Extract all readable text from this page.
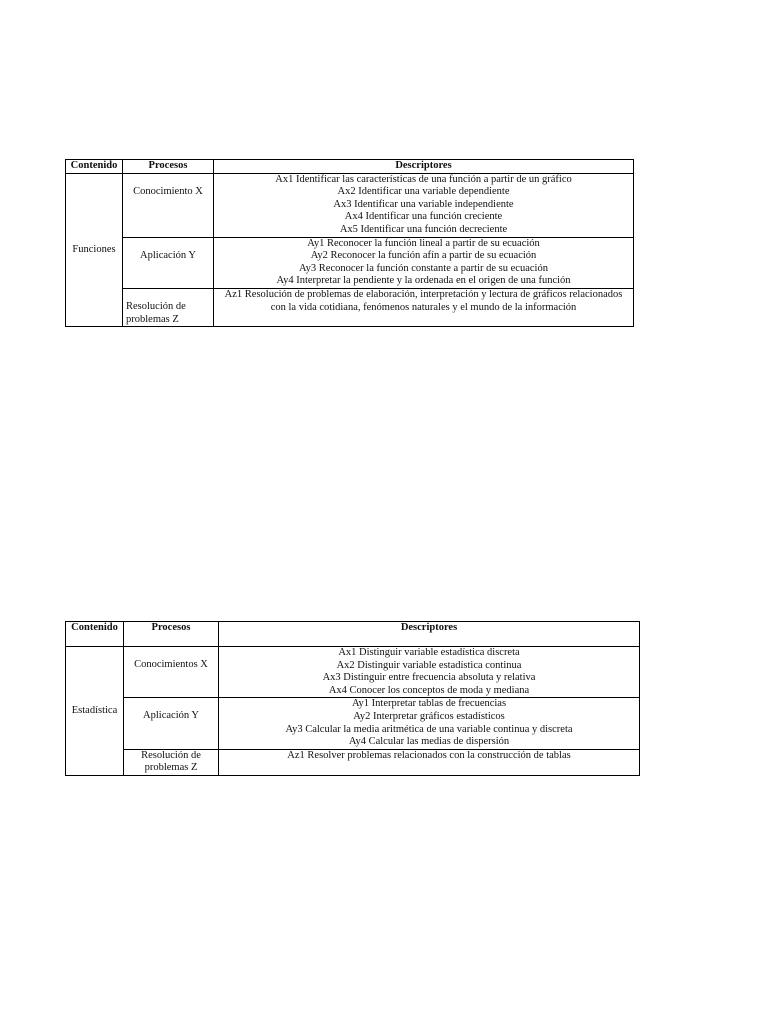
Contenido	Procesos	Descriptores
Funciones	Conocimiento X	Ax1 Identificar las características de una función a partir de un gráfico
Ax2 Identificar una variable dependiente
Ax3 Identificar una variable independiente
Ax4 Identificar una función creciente
Ax5 Identificar una función decreciente

	Aplicación Y	Ay1 Reconocer la función lineal a partir de su ecuación
Ay2 Reconocer la función afín a partir de su ecuación
Ay3 Reconocer la función constante a partir de su ecuación
Ay4 Interpretar la pendiente y la ordenada en el origen de una función

	Resolución de problemas Z	Az1 Resolución de problemas de elaboración, interpretación y lectura de gráficos relacionados con la vida cotidiana, fenómenos naturales y el mundo de la información
Contenido	Procesos	Descriptores
Estadística	Conocimientos X	Ax1 Distinguir variable estadística discreta
Ax2 Distinguir variable estadística continua
Ax3 Distinguir entre frecuencia absoluta y relativa
Ax4 Conocer los conceptos de moda y mediana

	Aplicación Y	Ay1 Interpretar tablas de frecuencias
Ay2 Interpretar gráficos estadísticos
Ay3 Calcular la media aritmética de una variable continua y discreta
Ay4 Calcular las medias de dispersión

	Resolución de problemas Z	Az1 Resolver problemas relacionados con la construcción de tablas
